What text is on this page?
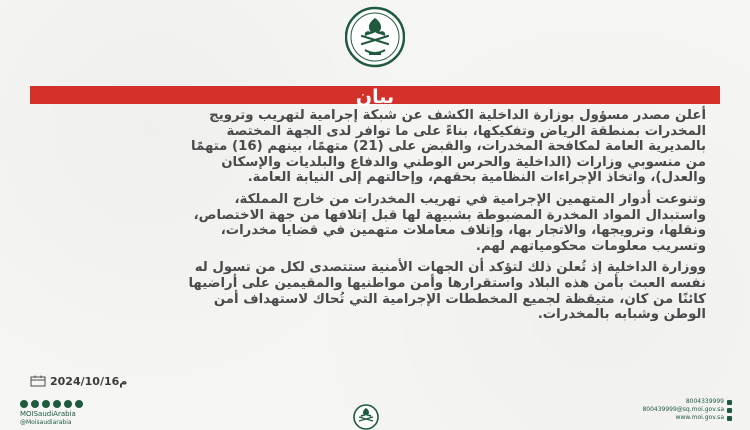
بيان

أعلن مصدر مسؤول بوزارة الداخلية الكشف عن شبكة إجرامية لتهريب وترويج المخدرات بمنطقة الرياض وتفكيكها، بناءً على ما توافر لدى الجهة المختصة بالمديرية العامة لمكافحة المخدرات، والقبض على (21) متهمًا، بينهم (16) متهمًا من منسوبي وزارات (الداخلية والحرس الوطني والدفاع والبلديات والإسكان والعدل)، واتخاذ الإجراءات النظامية بحقهم، وإحالتهم إلى النيابة العامة.

وتنوعت أدوار المتهمين الإجرامية في تهريب المخدرات من خارج المملكة، واستبدال المواد المخدرة المضبوطة بشبيهة لها قبل إتلافها من جهة الاختصاص، ونقلها، وترويجها، والاتجار بها، وإتلاف معاملات متهمين في قضايا مخدرات، وتسريب معلومات محكومياتهم لهم.

ووزارة الداخلية إذ تُعلن ذلك لتؤكد أن الجهات الأمنية ستتصدى لكل من تسول له نفسه العبث بأمن هذه البلاد واستقرارها وأمن مواطنيها والمقيمين على أراضيها كائنًا من كان، متيقظة لجميع المخططات الإجرامية التي تُحاك لاستهداف أمن الوطن وشبابه بالمخدرات.

2024/10/16م
MOISaudiArabia
@Moisaudiarabia
8004339999
800439999@sq.moi.gov.sa
www.moi.gov.sa
